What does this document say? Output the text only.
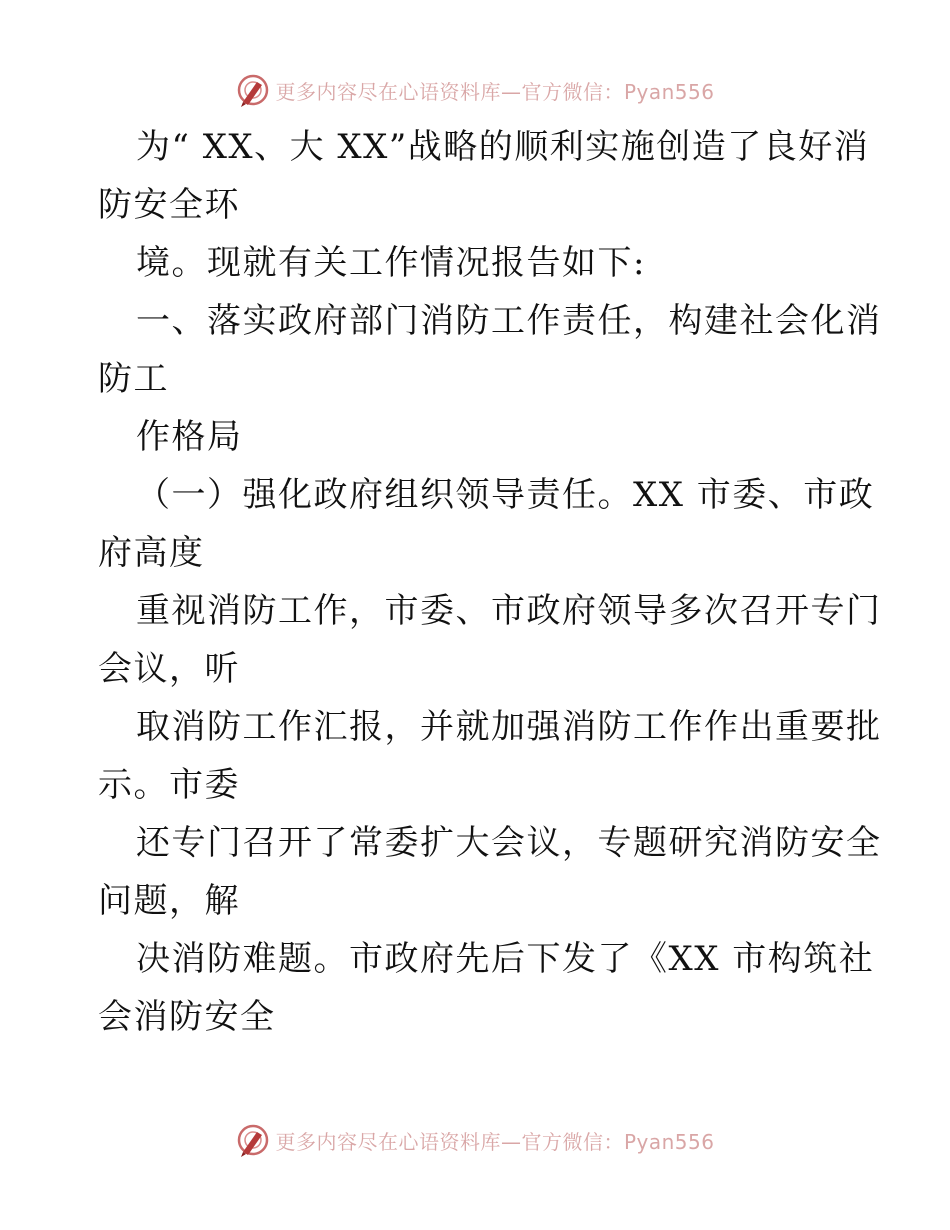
更多内容尽在心语资料库—官方微信：Pyan556
为“ XX、大 XX”战略的顺利实施创造了良好消
防安全环
境。现就有关工作情况报告如下:
一、落实政府部门消防工作责任，构建社会化消
防工
作格局
（一）强化政府组织领导责任。XX 市委、市政
府高度
重视消防工作，市委、市政府领导多次召开专门
会议，听
取消防工作汇报，并就加强消防工作作出重要批
示。市委
还专门召开了常委扩大会议，专题研究消防安全
问题，解
决消防难题。市政府先后下发了《XX 市构筑社
会消防安全
更多内容尽在心语资料库—官方微信：Pyan556
